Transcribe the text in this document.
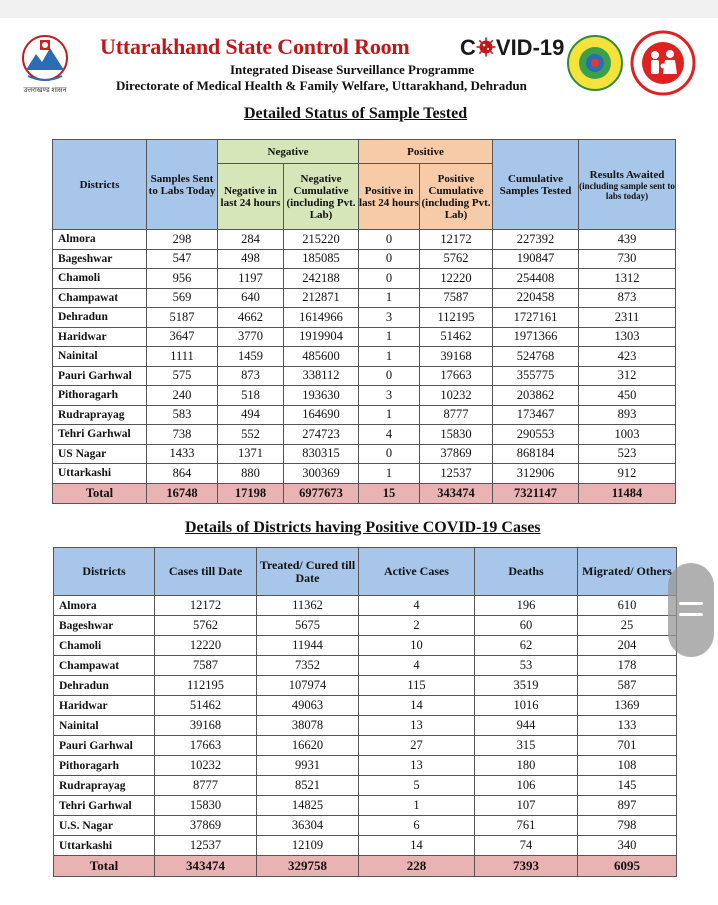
उत्तराखण्ड शासन
Uttarakhand State Control Room C VID-19
Integrated Disease Surveillance Programme
Directorate of Medical Health & Family Welfare, Uttarakhand, Dehradun
Detailed Status of Sample Tested
Districts	Samples Sent to Labs Today	Negative		Positive		Cumulative Samples Tested	Results Awaited
(including sample sent to labs today)

		Negative in last 24 hours	Negative Cumulative (including Pvt. Lab)	Positive in last 24 hours	Positive Cumulative (including Pvt. Lab)		
Almora	298	284	215220	0	12172	227392	439
Bageshwar	547	498	185085	0	5762	190847	730
Chamoli	956	1197	242188	0	12220	254408	1312
Champawat	569	640	212871	1	7587	220458	873
Dehradun	5187	4662	1614966	3	112195	1727161	2311
Haridwar	3647	3770	1919904	1	51462	1971366	1303
Nainital	1111	1459	485600	1	39168	524768	423
Pauri Garhwal	575	873	338112	0	17663	355775	312
Pithoragarh	240	518	193630	3	10232	203862	450
Rudraprayag	583	494	164690	1	8777	173467	893
Tehri Garhwal	738	552	274723	4	15830	290553	1003
US Nagar	1433	1371	830315	0	37869	868184	523
Uttarkashi	864	880	300369	1	12537	312906	912
Total	16748	17198	6977673	15	343474	7321147	11484
Details of Districts having Positive COVID-19 Cases
Districts	Cases till Date	Treated/ Cured till Date	Active Cases	Deaths	Migrated/ Others
Almora	12172	11362	4	196	610
Bageshwar	5762	5675	2	60	25
Chamoli	12220	11944	10	62	204
Champawat	7587	7352	4	53	178
Dehradun	112195	107974	115	3519	587
Haridwar	51462	49063	14	1016	1369
Nainital	39168	38078	13	944	133
Pauri Garhwal	17663	16620	27	315	701
Pithoragarh	10232	9931	13	180	108
Rudraprayag	8777	8521	5	106	145
Tehri Garhwal	15830	14825	1	107	897
U.S. Nagar	37869	36304	6	761	798
Uttarkashi	12537	12109	14	74	340
Total	343474	329758	228	7393	6095
